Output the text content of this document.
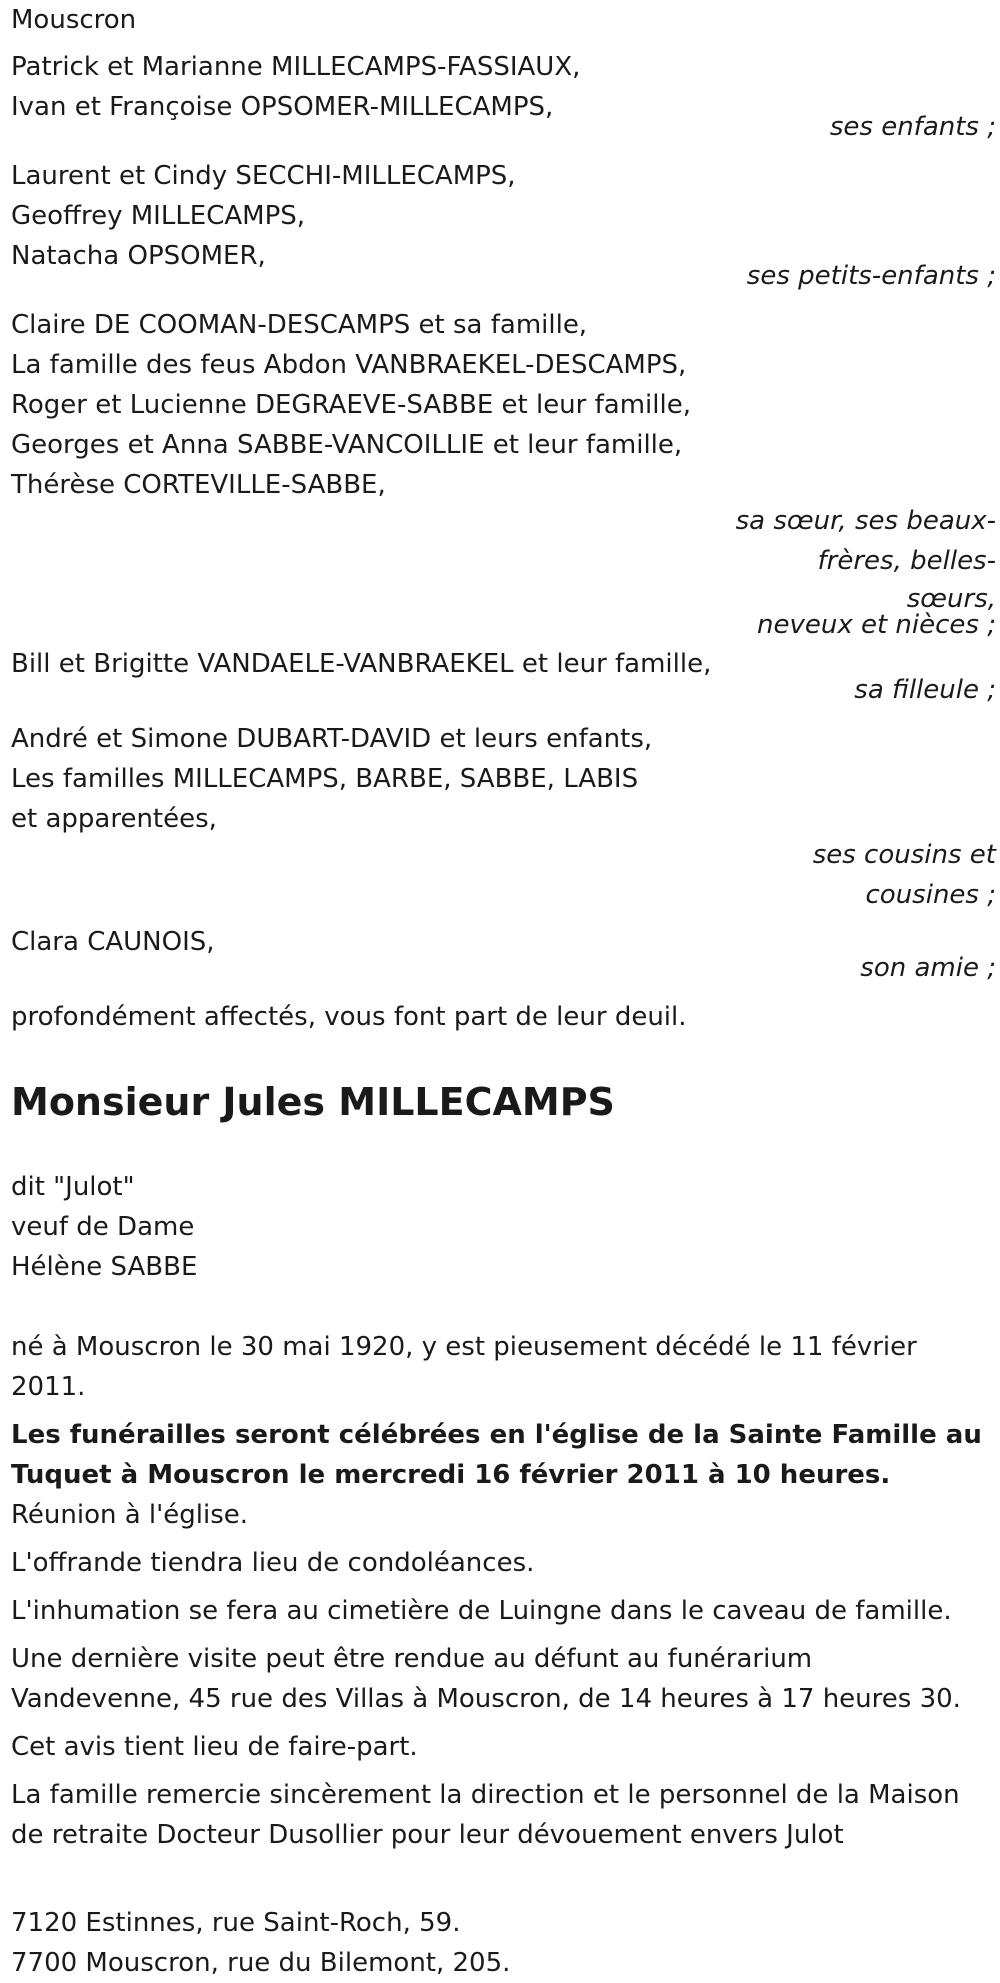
Mouscron
Patrick et Marianne MILLECAMPS-FASSIAUX,
Ivan et Françoise OPSOMER-MILLECAMPS,
ses enfants ;
Laurent et Cindy SECCHI-MILLECAMPS,
Geoffrey MILLECAMPS,
Natacha OPSOMER,
ses petits-enfants ;
Claire DE COOMAN-DESCAMPS et sa famille,
La famille des feus Abdon VANBRAEKEL-DESCAMPS,
Roger et Lucienne DEGRAEVE-SABBE et leur famille,
Georges et Anna SABBE-VANCOILLIE et leur famille,
Thérèse CORTEVILLE-SABBE,
sa sœur, ses beaux-
frères, belles-
sœurs,
neveux et nièces ;
Bill et Brigitte VANDAELE-VANBRAEKEL et leur famille,
sa filleule ;
André et Simone DUBART-DAVID et leurs enfants,
Les familles MILLECAMPS, BARBE, SABBE, LABIS
et apparentées,
ses cousins et
cousines ;
Clara CAUNOIS,
son amie ;
profondément affectés, vous font part de leur deuil.
Monsieur Jules MILLECAMPS
dit "Julot"
veuf de Dame
Hélène SABBE
né à Mouscron le 30 mai 1920, y est pieusement décédé le 11 février 2011.
Les funérailles seront célébrées en l'église de la Sainte Famille au Tuquet à Mouscron le mercredi 16 février 2011 à 10 heures. Réunion à l'église.
L'offrande tiendra lieu de condoléances.
L'inhumation se fera au cimetière de Luingne dans le caveau de famille.
Une dernière visite peut être rendue au défunt au funérarium Vandevenne, 45 rue des Villas à Mouscron, de 14 heures à 17 heures 30.
Cet avis tient lieu de faire-part.
La famille remercie sincèrement la direction et le personnel de la Maison de retraite Docteur Dusollier pour leur dévouement envers Julot
7120 Estinnes, rue Saint-Roch, 59.
7700 Mouscron, rue du Bilemont, 205.
